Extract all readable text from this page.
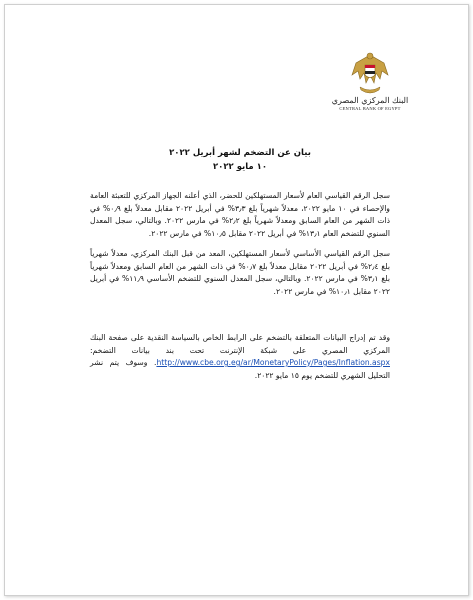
البنك المركزي المصري
CENTRAL BANK OF EGYPT
بيان عن التضخم لشهر أبريل ٢٠٢٢
١٠ مايو ٢٠٢٢

سجل الرقم القياسي العام لأسعار المستهلكين للحضر، الذي أعلنه الجهاز المركزي للتعبئة العامة والإحصاء في ١٠ مايو ٢٠٢٢، معدلاً شهرياً بلغ ٣٫٣% في أبريل ٢٠٢٢ مقابل معدلاً بلغ ٠٫٩% في ذات الشهر من العام السابق ومعدلاً شهرياً بلغ ٢٫٢% في مارس ٢٠٢٢. وبالتالي، سجل المعدل السنوي للتضخم العام ١٣٫١% في أبريل ٢٠٢٢ مقابل ١٠٫٥% في مارس ٢٠٢٢.

سجل الرقم القياسي الأساسي لأسعار المستهلكين، المعد من قبل البنك المركزي، معدلاً شهرياً بلغ ٢٫٤% في أبريل ٢٠٢٢ مقابل معدلاً بلغ ٠٫٧% في ذات الشهر من العام السابق ومعدلاً شهرياً بلغ ٣٫١% في مارس ٢٠٢٢. وبالتالي، سجل المعدل السنوي للتضخم الأساسي ١١٫٩% في أبريل ٢٠٢٢ مقابل ١٠٫١% في مارس ٢٠٢٢.

وقد تم إدراج البيانات المتعلقة بالتضخم على الرابط الخاص بالسياسة النقدية على صفحة البنك المركزي المصري على شبكة الإنترنت تحت بند بيانات التضخم: http://www.cbe.org.eg/ar/MonetaryPolicy/Pages/Inflation.aspx. وسوف يتم نشر التحليل الشهري للتضخم يوم ١٥ مايو ٢٠٢٢.
